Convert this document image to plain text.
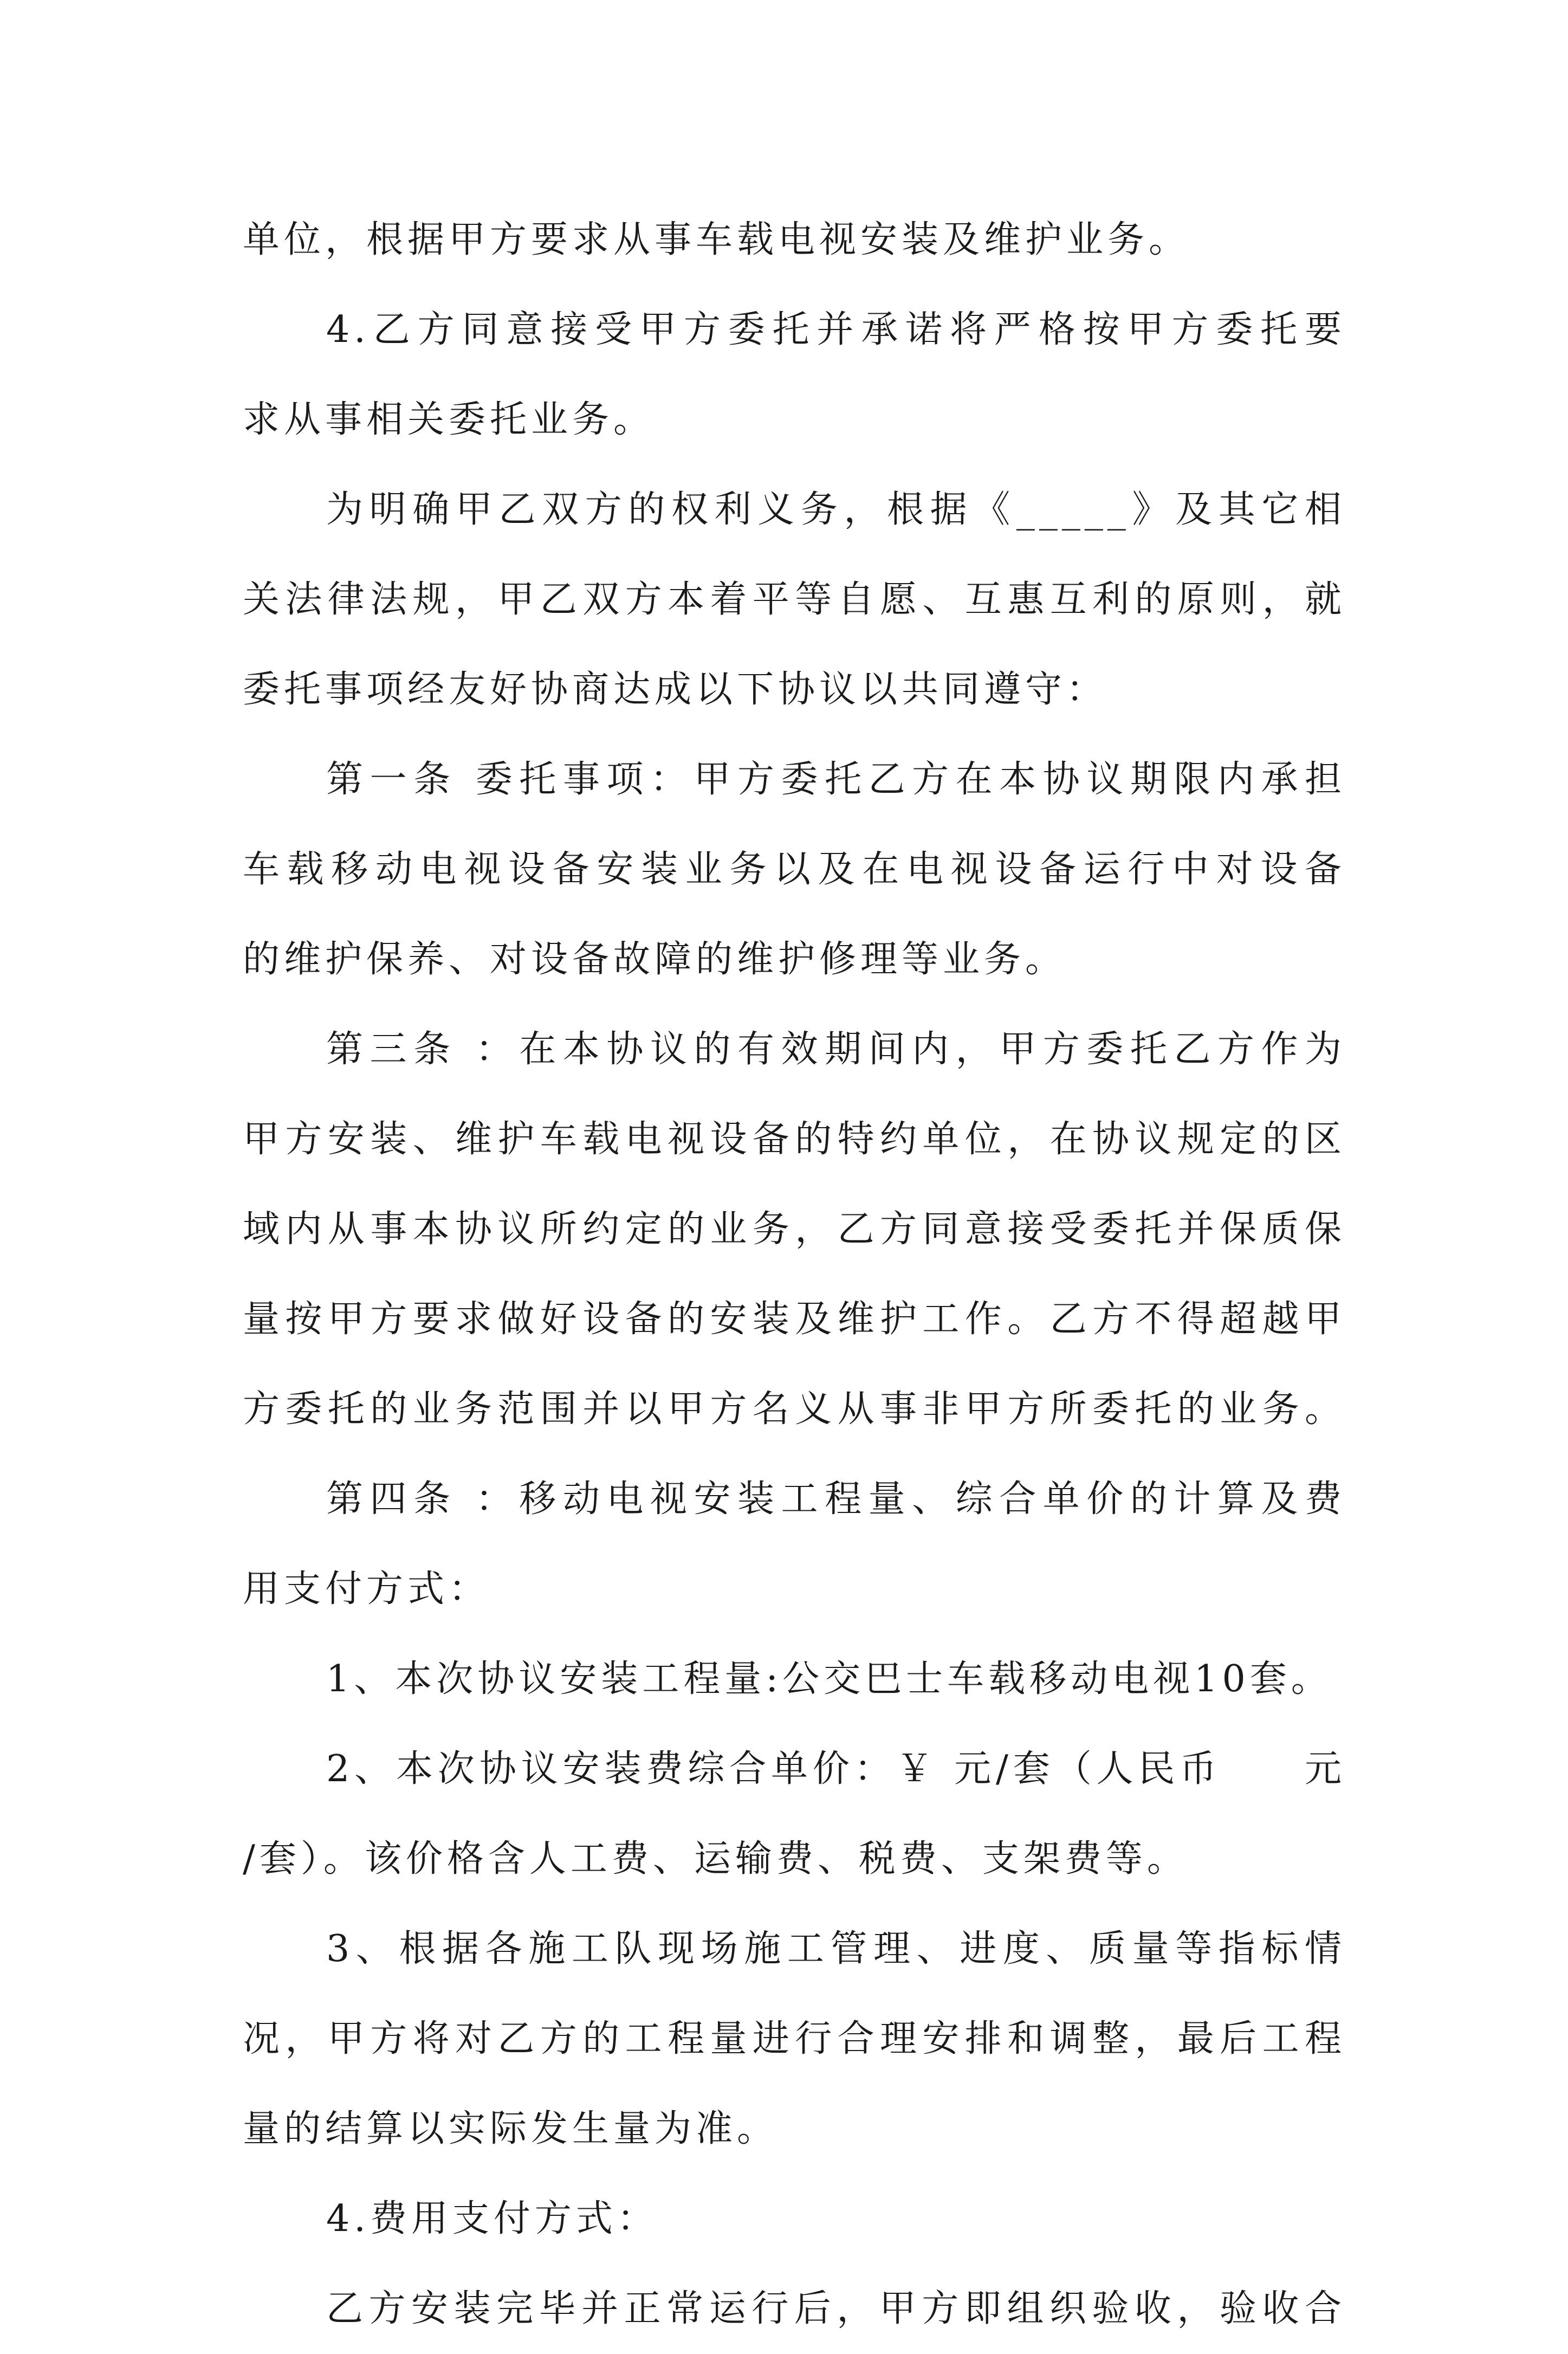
单位，根据甲方要求从事车载电视安装及维护业务。
4.乙方同意接受甲方委托并承诺将严格按甲方委托要
求从事相关委托业务。
为明确甲乙双方的权利义务，根据《_____》及其它相
关法律法规，甲乙双方本着平等自愿、互惠互利的原则，就
委托事项经友好协商达成以下协议以共同遵守：
第一条 委托事项：甲方委托乙方在本协议期限内承担
车载移动电视设备安装业务以及在电视设备运行中对设备
的维护保养、对设备故障的维护修理等业务。
第三条 ：在本协议的有效期间内，甲方委托乙方作为
甲方安装、维护车载电视设备的特约单位，在协议规定的区
域内从事本协议所约定的业务，乙方同意接受委托并保质保
量按甲方要求做好设备的安装及维护工作。乙方不得超越甲
方委托的业务范围并以甲方名义从事非甲方所委托的业务。
第四条 ：移动电视安装工程量、综合单价的计算及费
用支付方式：
1、本次协议安装工程量:公交巴士车载移动电视10套。
2、本次协议安装费综合单价：￥ 元/套（人民币　　元
/套）。该价格含人工费、运输费、税费、支架费等。
3、根据各施工队现场施工管理、进度、质量等指标情
况，甲方将对乙方的工程量进行合理安排和调整，最后工程
量的结算以实际发生量为准。
4.费用支付方式：
乙方安装完毕并正常运行后，甲方即组织验收，验收合
